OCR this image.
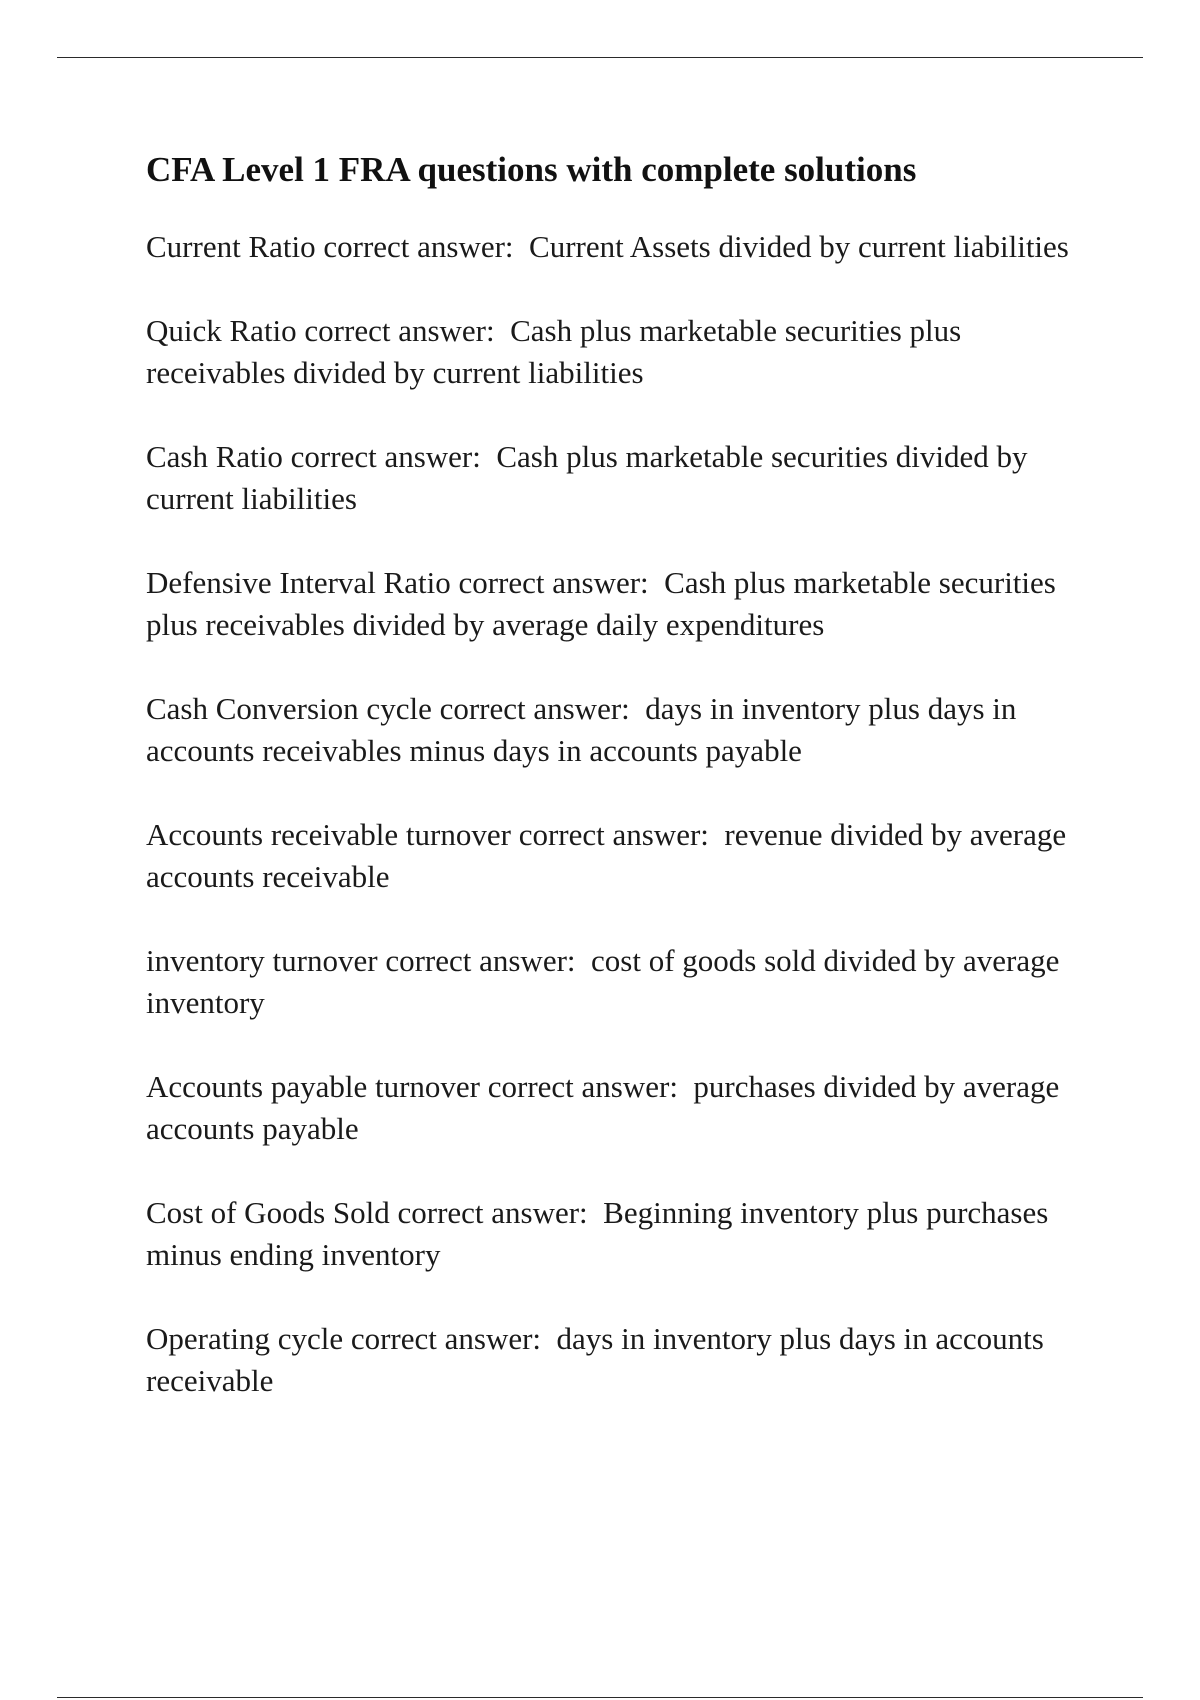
CFA Level 1 FRA questions with complete solutions

Current Ratio correct answer:  Current Assets divided by current liabilities

Quick Ratio correct answer:  Cash plus marketable securities plus receivables divided by current liabilities

Cash Ratio correct answer:  Cash plus marketable securities divided by current liabilities

Defensive Interval Ratio correct answer:  Cash plus marketable securities plus receivables divided by average daily expenditures

Cash Conversion cycle correct answer:  days in inventory plus days in accounts receivables minus days in accounts payable

Accounts receivable turnover correct answer:  revenue divided by average accounts receivable

inventory turnover correct answer:  cost of goods sold divided by average inventory

Accounts payable turnover correct answer:  purchases divided by average accounts payable

Cost of Goods Sold correct answer:  Beginning inventory plus purchases minus ending inventory

Operating cycle correct answer:  days in inventory plus days in accounts receivable
